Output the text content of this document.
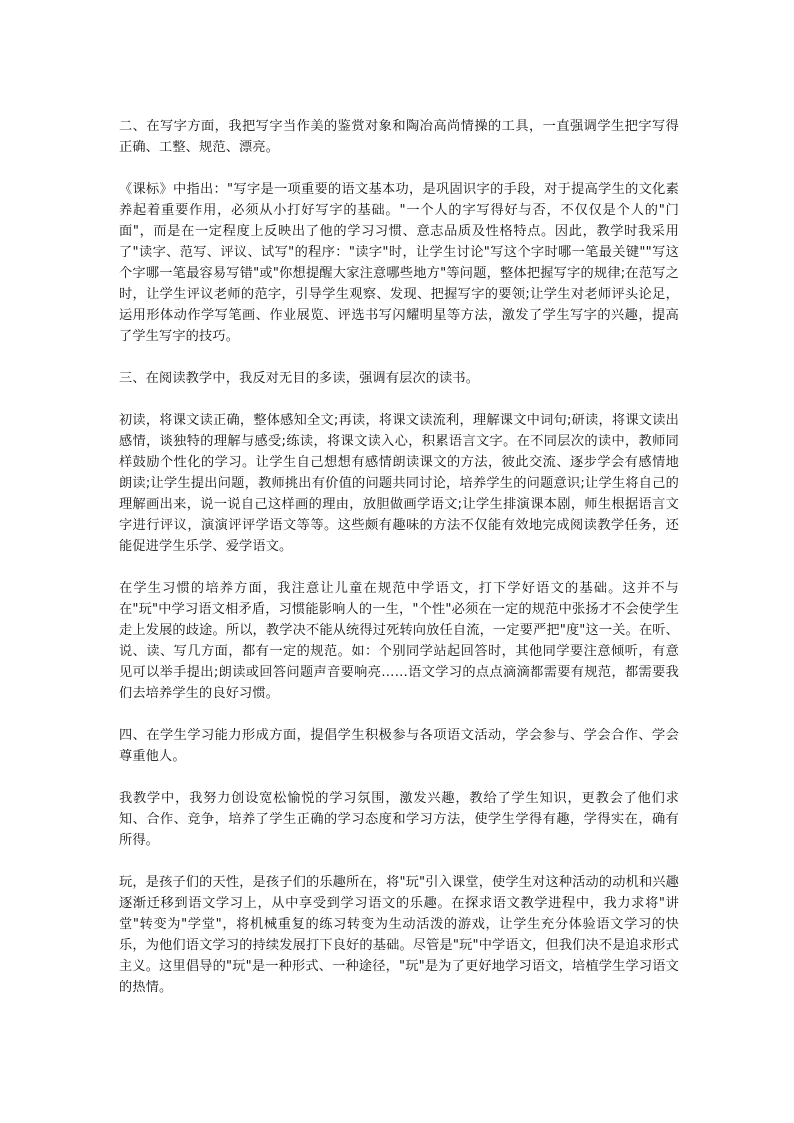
二、在写字方面，我把写字当作美的鉴赏对象和陶冶高尚情操的工具，一直强调学生把字写得正确、工整、规范、漂亮。

《课标》中指出："写字是一项重要的语文基本功，是巩固识字的手段，对于提高学生的文化素养起着重要作用，必须从小打好写字的基础。"一个人的字写得好与否，不仅仅是个人的"门面"，而是在一定程度上反映出了他的学习习惯、意志品质及性格特点。因此，教学时我采用了"读字、范写、评议、试写"的程序："读字"时，让学生讨论"写这个字时哪一笔最关键""写这个字哪一笔最容易写错"或"你想提醒大家注意哪些地方"等问题，整体把握写字的规律;在范写之时，让学生评议老师的范字，引导学生观察、发现、把握写字的要领;让学生对老师评头论足，运用形体动作学写笔画、作业展览、评选书写闪耀明星等方法，激发了学生写字的兴趣，提高了学生写字的技巧。

三、在阅读教学中，我反对无目的多读，强调有层次的读书。

初读，将课文读正确，整体感知全文;再读，将课文读流利，理解课文中词句;研读，将课文读出感情，谈独特的理解与感受;练读，将课文读入心，积累语言文字。在不同层次的读中，教师同样鼓励个性化的学习。让学生自己想想有感情朗读课文的方法，彼此交流、逐步学会有感情地朗读;让学生提出问题，教师挑出有价值的问题共同讨论，培养学生的问题意识;让学生将自己的理解画出来，说一说自己这样画的理由，放胆做画学语文;让学生排演课本剧，师生根据语言文字进行评议，演演评评学语文等等。这些颇有趣味的方法不仅能有效地完成阅读教学任务，还能促进学生乐学、爱学语文。

在学生习惯的培养方面，我注意让儿童在规范中学语文，打下学好语文的基础。这并不与在"玩"中学习语文相矛盾，习惯能影响人的一生，"个性"必须在一定的规范中张扬才不会使学生走上发展的歧途。所以，教学决不能从统得过死转向放任自流，一定要严把"度"这一关。在听、说、读、写几方面，都有一定的规范。如：个别同学站起回答时，其他同学要注意倾听，有意见可以举手提出;朗读或回答问题声音要响亮……语文学习的点点滴滴都需要有规范，都需要我们去培养学生的良好习惯。

四、在学生学习能力形成方面，提倡学生积极参与各项语文活动，学会参与、学会合作、学会尊重他人。

我教学中，我努力创设宽松愉悦的学习氛围，激发兴趣，教给了学生知识，更教会了他们求知、合作、竞争，培养了学生正确的学习态度和学习方法，使学生学得有趣，学得实在，确有所得。

玩，是孩子们的天性，是孩子们的乐趣所在，将"玩"引入课堂，使学生对这种活动的动机和兴趣逐渐迁移到语文学习上，从中享受到学习语文的乐趣。在探求语文教学进程中，我力求将"讲堂"转变为"学堂"，将机械重复的练习转变为生动活泼的游戏，让学生充分体验语文学习的快乐，为他们语文学习的持续发展打下良好的基础。尽管是"玩"中学语文，但我们决不是追求形式主义。这里倡导的"玩"是一种形式、一种途径，"玩"是为了更好地学习语文，培植学生学习语文的热情。
